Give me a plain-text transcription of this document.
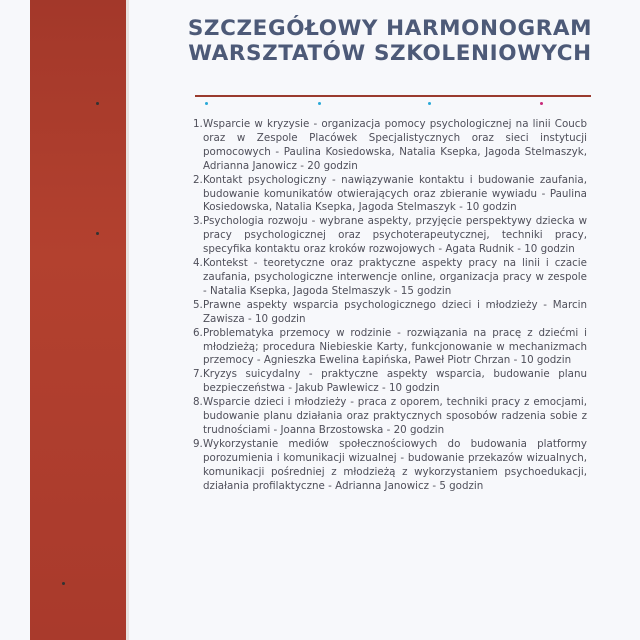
SZCZEGÓŁOWY HARMONOGRAM
WARSZTATÓW SZKOLENIOWYCH
1. Wsparcie w kryzysie - organizacja pomocy psychologicznej na linii Coucb oraz w Zespole Placówek Specjalistycznych oraz sieci instytucji pomocowych - Paulina Kosiedowska, Natalia Ksepka, Jagoda Stelmaszyk, Adrianna Janowicz - 20 godzin
2. Kontakt psychologiczny - nawiązywanie kontaktu i budowanie zaufania, budowanie komunikatów otwierających oraz zbieranie wywiadu - Paulina Kosiedowska, Natalia Ksepka, Jagoda Stelmaszyk - 10 godzin
3. Psychologia rozwoju - wybrane aspekty, przyjęcie perspektywy dziecka w pracy psychologicznej oraz psychoterapeutycznej, techniki pracy, specyfika kontaktu oraz kroków rozwojowych - Agata Rudnik - 10 godzin
4. Kontekst - teoretyczne oraz praktyczne aspekty pracy na linii i czacie zaufania, psychologiczne interwencje online, organizacja pracy w zespole - Natalia Ksepka, Jagoda Stelmaszyk - 15 godzin
5. Prawne aspekty wsparcia psychologicznego dzieci i młodzieży - Marcin Zawisza - 10 godzin
6. Problematyka przemocy w rodzinie - rozwiązania na pracę z dziećmi i młodzieżą; procedura Niebieskie Karty, funkcjonowanie w mechanizmach przemocy - Agnieszka Ewelina Łapińska, Paweł Piotr Chrzan - 10 godzin
7. Kryzys suicydalny - praktyczne aspekty wsparcia, budowanie planu bezpieczeństwa - Jakub Pawlewicz - 10 godzin
8. Wsparcie dzieci i młodzieży - praca z oporem, techniki pracy z emocjami, budowanie planu działania oraz praktycznych sposobów radzenia sobie z trudnościami - Joanna Brzostowska - 20 godzin
9. Wykorzystanie mediów społecznościowych do budowania platformy porozumienia i komunikacji wizualnej - budowanie przekazów wizualnych, komunikacji pośredniej z młodzieżą z wykorzystaniem psychoedukacji, działania profilaktyczne - Adrianna Janowicz - 5 godzin
